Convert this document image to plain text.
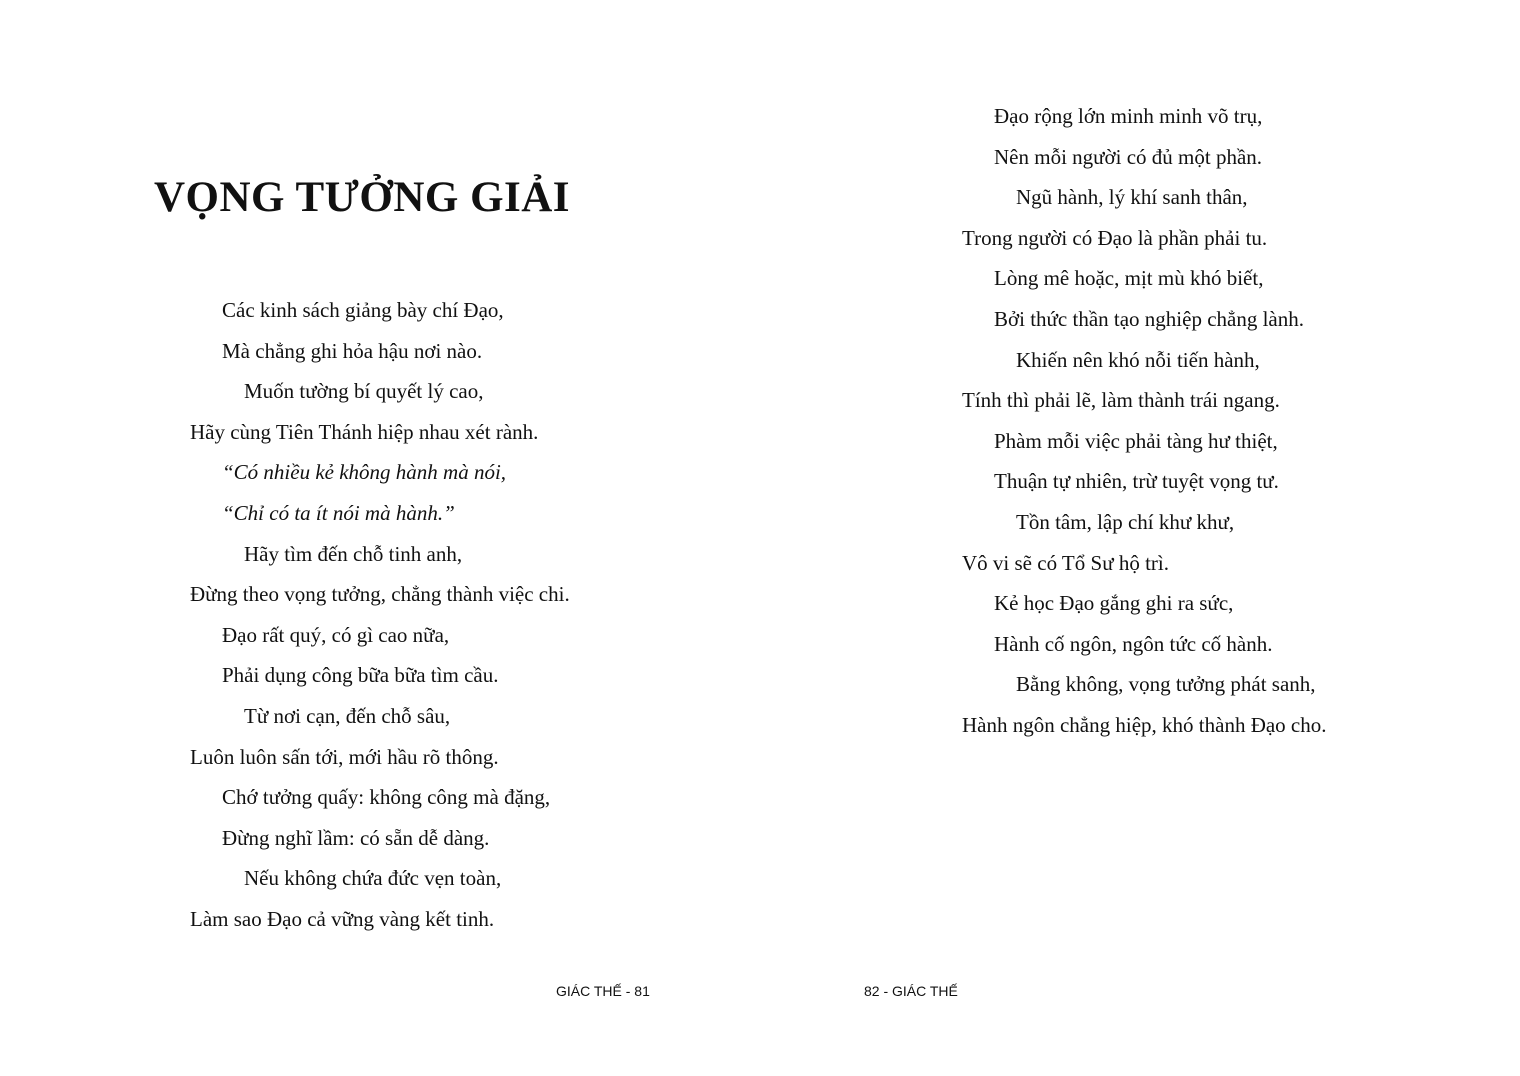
VỌNG TƯỞNG GIẢI
Các kinh sách giảng bày chí Đạo,
Mà chẳng ghi hỏa hậu nơi nào.
Muốn tường bí quyết lý cao,
Hãy cùng Tiên Thánh hiệp nhau xét rành.
“Có nhiều kẻ không hành mà nói,
“Chỉ có ta ít nói mà hành.”
Hãy tìm đến chỗ tinh anh,
Đừng theo vọng tưởng, chẳng thành việc chi.
Đạo rất quý, có gì cao nữa,
Phải dụng công bữa bữa tìm cầu.
Từ nơi cạn, đến chỗ sâu,
Luôn luôn sấn tới, mới hầu rõ thông.
Chớ tưởng quấy: không công mà đặng,
Đừng nghĩ lầm: có sẵn dễ dàng.
Nếu không chứa đức vẹn toàn,
Làm sao Đạo cả vững vàng kết tinh.
GIÁC THẾ - 81
Đạo rộng lớn minh minh võ trụ,
Nên mỗi người có đủ một phần.
Ngũ hành, lý khí sanh thân,
Trong người có Đạo là phần phải tu.
Lòng mê hoặc, mịt mù khó biết,
Bởi thức thần tạo nghiệp chẳng lành.
Khiến nên khó nỗi tiến hành,
Tính thì phải lẽ, làm thành trái ngang.
Phàm mỗi việc phải tàng hư thiệt,
Thuận tự nhiên, trừ tuyệt vọng tư.
Tồn tâm, lập chí khư khư,
Vô vi sẽ có Tổ Sư hộ trì.
Kẻ học Đạo gắng ghi ra sức,
Hành cố ngôn, ngôn tức cố hành.
Bằng không, vọng tưởng phát sanh,
Hành ngôn chẳng hiệp, khó thành Đạo cho.
82 - GIÁC THẾ
